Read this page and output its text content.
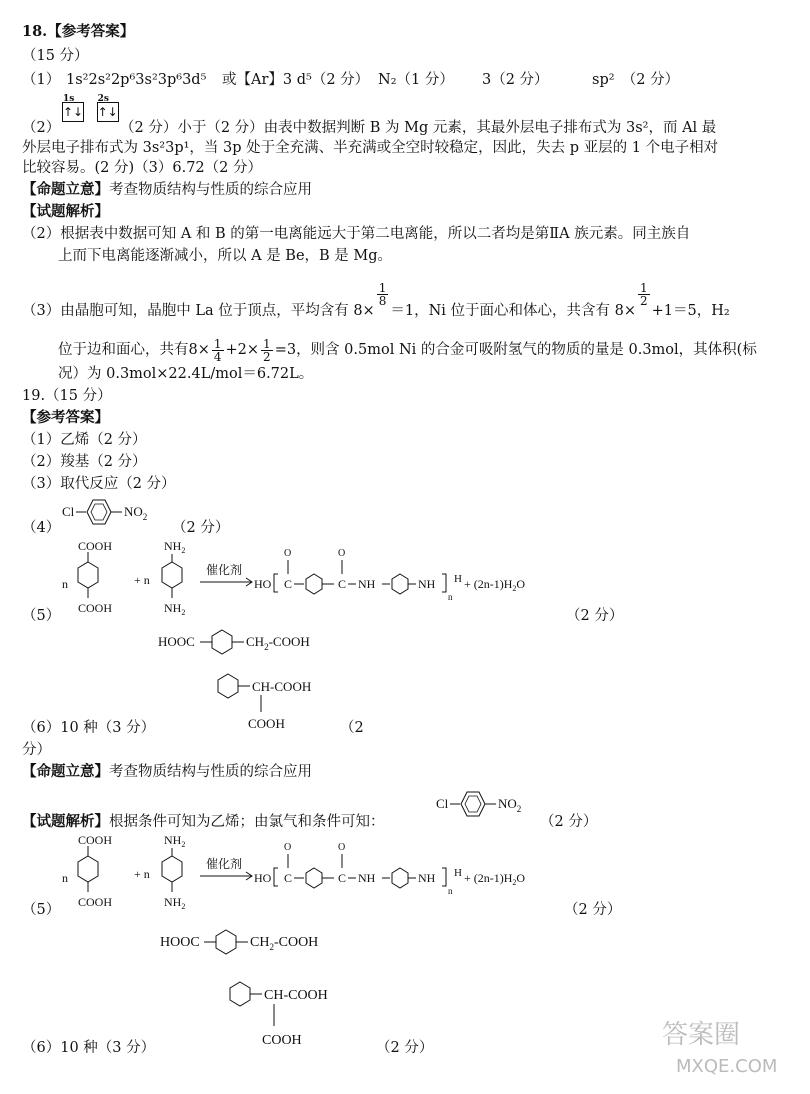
18.【参考答案】
（15 分）
（1） 1s²2s²2p⁶3s²3p⁶3d⁵ 或【Ar】3 d⁵（2 分） N₂（1 分） 3（2 分）	sp²　（2 分）
（2）
1s
↑↓
2s
↑↓
（2 分）小于（2 分）由表中数据判断 B 为 Mg 元素，其最外层电子排布式为 3s²，而 Al 最
外层电子排布式为 3s²3p¹，当 3p 处于全充满、半充满或全空时较稳定，因此，失去 p 亚层的 1 个电子相对
比较容易。(2 分)（3）6.72（2 分）
【命题立意】考查物质结构与性质的综合应用
【试题解析】
（2）根据表中数据可知 A 和 B 的第一电离能远大于第二电离能，所以二者均是第ⅡA 族元素。同主族自
上而下电离能逐渐减小，所以 A 是 Be，B 是 Mg。
（3）由晶胞可知，晶胞中 La 位于顶点，平均含有 8×
$\frac{1}{8}$
＝1，Ni 位于面心和体心，共含有 8×
$\frac{1}{2}$
+1＝5，H₂
位于边和面心，共有$8\times \frac{1}{4} +2\times \frac{1}{2} =3$，则含 0.5mol Ni 的合金可吸附氢气的物质的量是 0.3mol，其体积(标
况）为 0.3mol×22.4L/mol＝6.72L。
19.（15 分）
【参考答案】
（1）乙烯（2 分）
（2）羧基（2 分）
（3）取代反应（2 分）
（4）
Cl	$NO_2$
（2 分）
（5）
n
COOH
COOH
+ n
$NH_2$
$NH_2$
催化剂
HO
O
C
O
C NH	NH
n
$H + (2n-1)H_2O$
（2 分）
HOOC	$CH_2$-COOH
CH-COOH
COOH
（6）10 种（3 分）	（2
分）
【命题立意】考查物质结构与性质的综合应用
【试题解析】根据条件可知为乙烯；由氯气和条件可知：
Cl	$NO_2$
（2 分）
（5）
n
COOH
COOH
+ n
$NH_2$
$NH_2$
催化剂
HO
O
C
O
C NH	NH
n
$H + (2n-1)H_2O$
（2 分）
HOOC	$CH_2$-COOH
CH-COOH
COOH
（6）10 种（3 分）	（2 分）	答案圈
MXQE.COM
